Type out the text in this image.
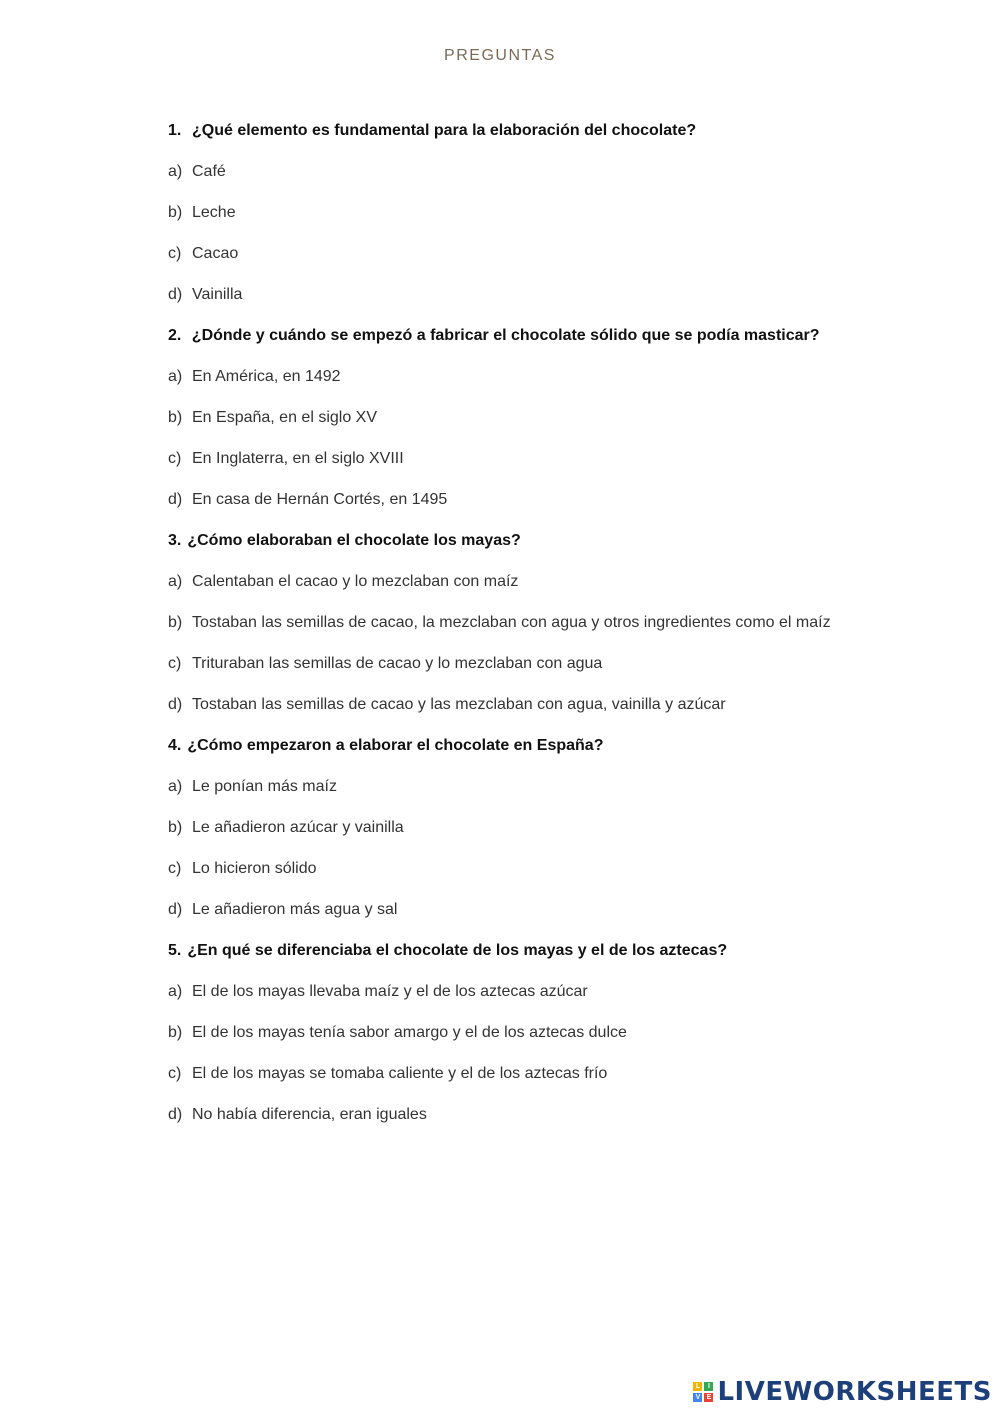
PREGUNTAS
1. ¿Qué elemento es fundamental para la elaboración del chocolate?
a) Café
b) Leche
c) Cacao
d) Vainilla
2. ¿Dónde y cuándo se empezó a fabricar el chocolate sólido que se podía masticar?
a) En América, en 1492
b) En España, en el siglo XV
c) En Inglaterra, en el siglo XVIII
d) En casa de Hernán Cortés, en 1495
3. ¿Cómo elaboraban el chocolate los mayas?
a) Calentaban el cacao y lo mezclaban con maíz
b) Tostaban las semillas de cacao, la mezclaban con agua y otros ingredientes como el maíz
c) Trituraban las semillas de cacao y lo mezclaban con agua
d) Tostaban las semillas de cacao y las mezclaban con agua, vainilla y azúcar
4. ¿Cómo empezaron a elaborar el chocolate en España?
a) Le ponían más maíz
b) Le añadieron azúcar y vainilla
c) Lo hicieron sólido
d) Le añadieron más agua y sal
5. ¿En qué se diferenciaba el chocolate de los mayas y el de los aztecas?
a) El de los mayas llevaba maíz y el de los aztecas azúcar
b) El de los mayas tenía sabor amargo y el de los aztecas dulce
c) El de los mayas se tomaba caliente y el de los aztecas frío
d) No había diferencia, eran iguales
L	I
V E LIVEWORKSHEETS
